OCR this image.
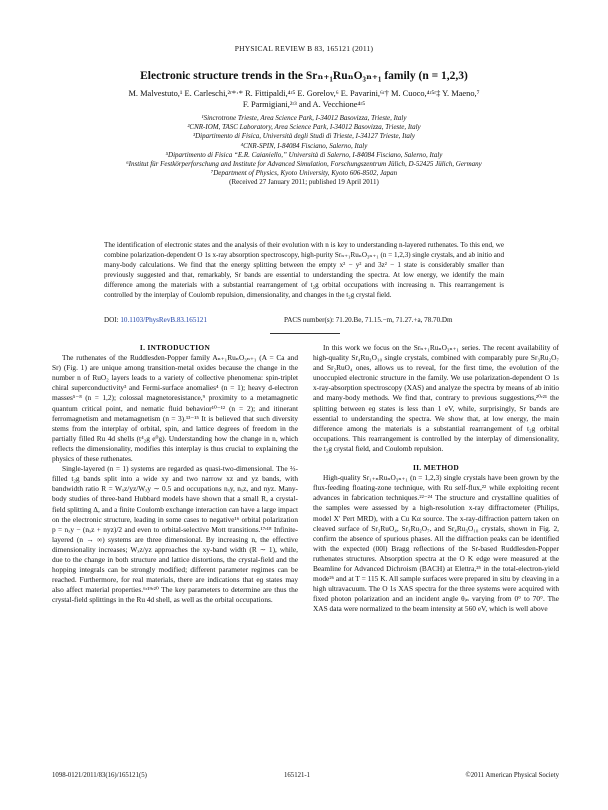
PHYSICAL REVIEW B 83, 165121 (2011)
Electronic structure trends in the Srₙ₊₁RuₙO₃ₙ₊₁ family (n = 1,2,3)
M. Malvestuto,¹ E. Carleschi,²ʳ*·* R. Fittipaldi,⁴ʳ⁵ E. Gorelov,⁶ E. Pavarini,⁶ʳ† M. Cuoco,⁴ʳ⁵ʳ‡ Y. Maeno,⁷
F. Parmigiani,²ʳ³ and A. Vecchione⁴ʳ⁵
¹Sincrotrone Trieste, Area Science Park, I-34012 Basovizza, Trieste, Italy
²CNR-IOM, TASC Laboratory, Area Science Park, I-34012 Basovizza, Trieste, Italy
³Dipartimento di Fisica, Università degli Studi di Trieste, I-34127 Trieste, Italy
⁴CNR-SPIN, I-84084 Fisciano, Salerno, Italy
⁵Dipartimento di Fisica “E.R. Caianiello,” Università di Salerno, I-84084 Fisciano, Salerno, Italy
⁶Institut für Festkörperforschung and Institute for Advanced Simulation, Forschungszentrum Jülich, D-52425 Jülich, Germany
⁷Department of Physics, Kyoto University, Kyoto 606-8502, Japan
(Received 27 January 2011; published 19 April 2011)
The identification of electronic states and the analysis of their evolution with n is key to understanding n-layered ruthenates. To this end, we combine polarization-dependent O 1s x-ray absorption spectroscopy, high-purity Srₙ₊₁RuₙO₃ₙ₊₁ (n = 1,2,3) single crystals, and ab initio and many-body calculations. We find that the energy splitting between the empty x² − y² and 3z² − 1 state is considerably smaller than previously suggested and that, remarkably, Sr bands are essential to understanding the spectra. At low energy, we identify the main difference among the materials with a substantial rearrangement of t₂g orbital occupations with increasing n. This rearrangement is controlled by the interplay of Coulomb repulsion, dimensionality, and changes in the t₂g crystal field.
DOI: 10.1103/PhysRevB.83.165121	PACS number(s): 71.20.Be, 71.15.−m, 71.27.+a, 78.70.Dm

I. INTRODUCTION

The ruthenates of the Ruddlesden-Popper family Aₙ₊₁RuₙO₃ₙ₊₁ (A = Ca and Sr) (Fig. 1) are unique among transition-metal oxides because the change in the number n of RuO₂ layers leads to a variety of collective phenomena: spin-triplet chiral superconductivity³ and Fermi-surface anomalies⁴ (n = 1); heavy d-electron masses⁵⁻⁸ (n = 1,2); colossal magnetoresistance,⁹ proximity to a metamagnetic quantum critical point, and nematic fluid behavior¹⁰⁻¹² (n = 2); and itinerant ferromagnetism and metamagnetism (n = 3).¹³⁻¹⁵ It is believed that such diversity stems from the interplay of orbital, spin, and lattice degrees of freedom in the partially filled Ru 4d shells (t⁴₂g e⁰g). Understanding how the change in n, which reflects the dimensionality, modifies this interplay is thus crucial to explaining the physics of these ruthenates.

Single-layered (n = 1) systems are regarded as quasi-two-dimensional. The ⅔-filled t₂g bands split into a wide xy and two narrow xz and yz bands, with bandwidth ratio R = Wₓz/yz/Wₓy ∼ 0.5 and occupations nₓy, nₓz, and nyz. Many-body studies of three-band Hubbard models have shown that a small R, a crystal-field splitting Δ, and a finite Coulomb exchange interaction can have a large impact on the electronic structure, leading in some cases to negative¹⁶ orbital polarization p = nₓy − (nₓz + nyz)/2 and even to orbital-selective Mott transitions.¹⁷ʳ¹⁸ Infinite-layered (n → ∞) systems are three dimensional. By increasing n, the effective dimensionality increases; Wₓz/yz approaches the xy-band width (R ∼ 1), while, due to the change in both structure and lattice distortions, the crystal-field and the hopping integrals can be strongly modified; different parameter regimes can be reached. Furthermore, for real materials, there are indications that eɡ states may also affect material properties.⁶ʳ¹⁹ʳ²⁰ The key parameters to determine are thus the crystal-field splittings in the Ru 4d shell, as well as the orbital occupations.

In this work we focus on the Srₙ₊₁RuₙO₃ₙ₊₁ series. The recent availability of high-quality Sr₄Ru₃O₁₀ single crystals, combined with comparably pure Sr₃Ru₂O₇ and Sr₂RuO₄ ones, allows us to reveal, for the first time, the evolution of the unoccupied electronic structure in the family. We use polarization-dependent O 1s x-ray-absorption spectroscopy (XAS) and analyze the spectra by means of ab initio and many-body methods. We find that, contrary to previous suggestions,²⁰ʳ²¹ the splitting between eɡ states is less than 1 eV, while, surprisingly, Sr bands are essential to understanding the spectra. We show that, at low energy, the main difference among the materials is a substantial rearrangement of t₂g orbital occupations. This rearrangement is controlled by the interplay of dimensionality, the t₂g crystal field, and Coulomb repulsion.

II. METHOD

High-quality Sr₁₊ₙRuₙO₃ₙ₊₁ (n = 1,2,3) single crystals have been grown by the flux-feeding floating-zone technique, with Ru self-flux,²² while exploiting recent advances in fabrication techniques.²²⁻²⁴ The structure and crystalline qualities of the samples were assessed by a high-resolution x-ray diffractometer (Philips, model X′ Pert MRD), with a Cu Kα source. The x-ray-diffraction pattern taken on cleaved surface of Sr₂RuO₄, Sr₃Ru₂O₇, and Sr₄Ru₃O₁₀ crystals, shown in Fig. 2, confirm the absence of spurious phases. All the diffraction peaks can be identified with the expected (00l) Bragg reflections of the Sr-based Ruddlesden-Popper ruthenates structures. Absorption spectra at the O K edge were measured at the Beamline for Advanced Dichroism (BACH) at Elettra,²⁵ in the total-electron-yield mode²⁶ and at T = 115 K. All sample surfaces were prepared in situ by cleaving in a high ultravacuum. The O 1s XAS spectra for the three systems were acquired with fixed photon polarization and an incident angle θᵢₙ varying from 0° to 70°. The XAS data were normalized to the beam intensity at 560 eV, which is well above

1098-0121/2011/83(16)/165121(5)	165121-1	©2011 American Physical Society
